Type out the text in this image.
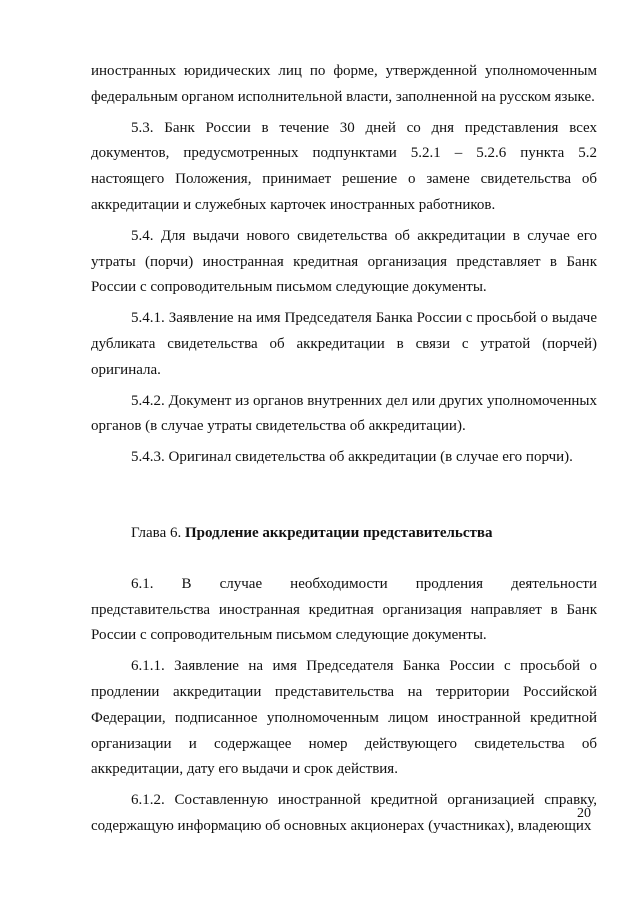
иностранных юридических лиц по форме, утвержденной уполномоченным федеральным органом исполнительной власти, заполненной на русском языке.

5.3. Банк России в течение 30 дней со дня представления всех документов, предусмотренных подпунктами 5.2.1 – 5.2.6 пункта 5.2 настоящего Положения, принимает решение о замене свидетельства об аккредитации и служебных карточек иностранных работников.

5.4. Для выдачи нового свидетельства об аккредитации в случае его утраты (порчи) иностранная кредитная организация представляет в Банк России с сопроводительным письмом следующие документы.

5.4.1. Заявление на имя Председателя Банка России с просьбой о выдаче дубликата свидетельства об аккредитации в связи с утратой (порчей) оригинала.

5.4.2. Документ из органов внутренних дел или других уполномоченных органов (в случае утраты свидетельства об аккредитации).

5.4.3. Оригинал свидетельства об аккредитации (в случае его порчи).

Глава 6. Продление аккредитации представительства

6.1. В случае необходимости продления деятельности представительства иностранная кредитная организация направляет в Банк России с сопроводительным письмом следующие документы.

6.1.1. Заявление на имя Председателя Банка России с просьбой о продлении аккредитации представительства на территории Российской Федерации, подписанное уполномоченным лицом иностранной кредитной организации и содержащее номер действующего свидетельства об аккредитации, дату его выдачи и срок действия.

6.1.2. Составленную иностранной кредитной организацией справку, содержащую информацию об основных акционерах (участниках), владеющих

20
